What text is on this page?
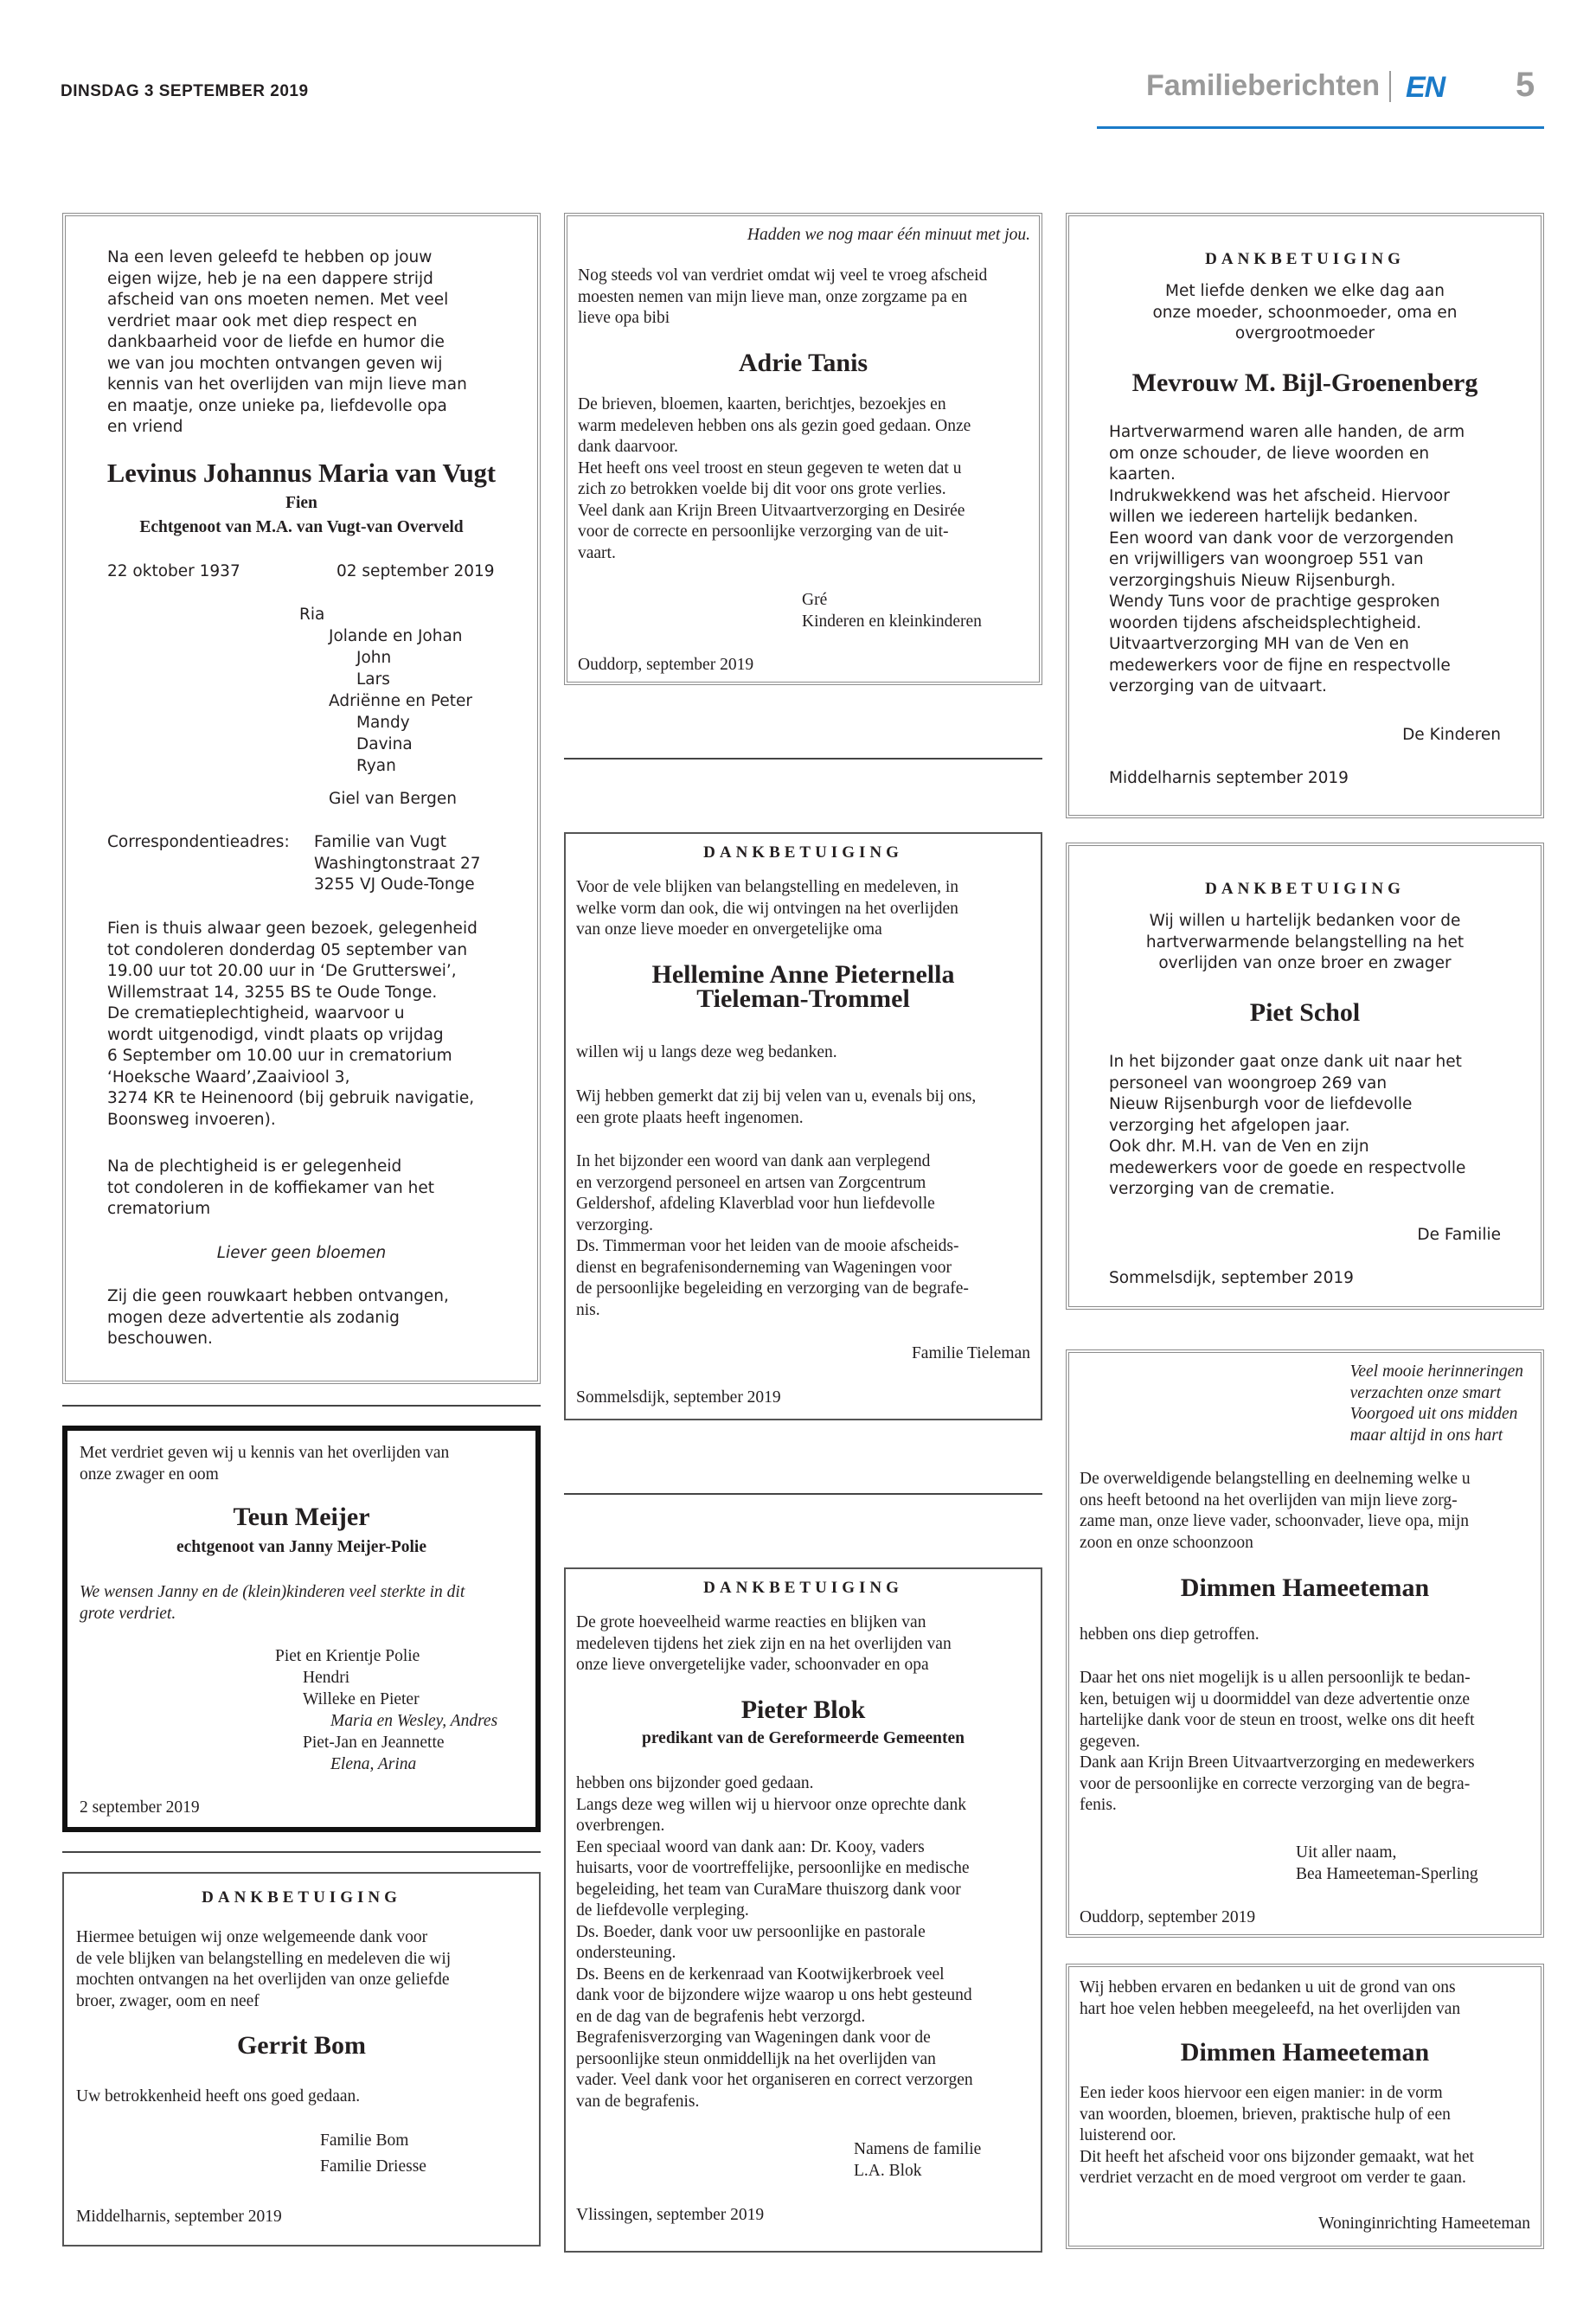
DINSDAG 3 SEPTEMBER 2019	Familieberichten EN 5
Na een leven geleefd te hebben op jouw
eigen wijze, heb je na een dappere strijd
afscheid van ons moeten nemen. Met veel
verdriet maar ook met diep respect en
dankbaarheid voor de liefde en humor die
we van jou mochten ontvangen geven wij
kennis van het overlijden van mijn lieve man
en maatje, onze unieke pa, liefdevolle opa
en vriend
Levinus Johannus Maria van Vugt
Fien
Echtgenoot van M.A. van Vugt-van Overveld
22 oktober 1937	02 september 2019
Ria
Jolande en Johan
John
Lars
Adriënne en Peter
Mandy
Davina
Ryan
Giel van Bergen
Correspondentieadres: Familie van Vugt
Washingtonstraat 27
3255 VJ Oude-Tonge
Fien is thuis alwaar geen bezoek, gelegenheid
tot condoleren donderdag 05 september van
19.00 uur tot 20.00 uur in ‘De Grutterswei’,
Willemstraat 14, 3255 BS te Oude Tonge.
De crematieplechtigheid, waarvoor u
wordt uitgenodigd, vindt plaats op vrijdag
6 September om 10.00 uur in crematorium
‘Hoeksche Waard’,Zaaiviool 3,
3274 KR te Heinenoord (bij gebruik navigatie,
Boonsweg invoeren).
Na de plechtigheid is er gelegenheid
tot condoleren in de koffiekamer van het
crematorium
Liever geen bloemen
Zij die geen rouwkaart hebben ontvangen,
mogen deze advertentie als zodanig
beschouwen.
Met verdriet geven wij u kennis van het overlijden van
onze zwager en oom
Teun Meijer
echtgenoot van Janny Meijer-Polie
We wensen Janny en de (klein)kinderen veel sterkte in dit
grote verdriet.
Piet en Krientje Polie
Hendri
Willeke en Pieter
Maria en Wesley, Andres
Piet-Jan en Jeannette
Elena, Arina
2 september 2019
DANKBETUIGING
Hiermee betuigen wij onze welgemeende dank voor
de vele blijken van belangstelling en medeleven die wij
mochten ontvangen na het overlijden van onze geliefde
broer, zwager, oom en neef
Gerrit Bom
Uw betrokkenheid heeft ons goed gedaan.
Familie Bom
Familie Driesse
Middelharnis, september 2019
Hadden we nog maar één minuut met jou.
Nog steeds vol van verdriet omdat wij veel te vroeg afscheid
moesten nemen van mijn lieve man, onze zorgzame pa en
lieve opa bibi
Adrie Tanis
De brieven, bloemen, kaarten, berichtjes, bezoekjes en
warm medeleven hebben ons als gezin goed gedaan. Onze
dank daarvoor.
Het heeft ons veel troost en steun gegeven te weten dat u
zich zo betrokken voelde bij dit voor ons grote verlies.
Veel dank aan Krijn Breen Uitvaartverzorging en Desirée
voor de correcte en persoonlijke verzorging van de uit-
vaart.
Gré
Kinderen en kleinkinderen
Ouddorp, september 2019
DANKBETUIGING
Voor de vele blijken van belangstelling en medeleven, in
welke vorm dan ook, die wij ontvingen na het overlijden
van onze lieve moeder en onvergetelijke oma
Hellemine Anne Pieternella
Tieleman-Trommel
willen wij u langs deze weg bedanken.
Wij hebben gemerkt dat zij bij velen van u, evenals bij ons,
een grote plaats heeft ingenomen.
In het bijzonder een woord van dank aan verplegend
en verzorgend personeel en artsen van Zorgcentrum
Geldershof, afdeling Klaverblad voor hun liefdevolle
verzorging.
Ds. Timmerman voor het leiden van de mooie afscheids-
dienst en begrafenisonderneming van Wageningen voor
de persoonlijke begeleiding en verzorging van de begrafe-
nis.
Familie Tieleman
Sommelsdijk, september 2019
DANKBETUIGING
De grote hoeveelheid warme reacties en blijken van
medeleven tijdens het ziek zijn en na het overlijden van
onze lieve onvergetelijke vader, schoonvader en opa
Pieter Blok
predikant van de Gereformeerde Gemeenten
hebben ons bijzonder goed gedaan.
Langs deze weg willen wij u hiervoor onze oprechte dank
overbrengen.
Een speciaal woord van dank aan: Dr. Kooy, vaders
huisarts, voor de voortreffelijke, persoonlijke en medische
begeleiding, het team van CuraMare thuiszorg dank voor
de liefdevolle verpleging.
Ds. Boeder, dank voor uw persoonlijke en pastorale
ondersteuning.
Ds. Beens en de kerkenraad van Kootwijkerbroek veel
dank voor de bijzondere wijze waarop u ons hebt gesteund
en de dag van de begrafenis hebt verzorgd.
Begrafenisverzorging van Wageningen dank voor de
persoonlijke steun onmiddellijk na het overlijden van
vader. Veel dank voor het organiseren en correct verzorgen
van de begrafenis.
Namens de familie
L.A. Blok
Vlissingen, september 2019
DANKBETUIGING
Met liefde denken we elke dag aan
onze moeder, schoonmoeder, oma en
overgrootmoeder
Mevrouw M. Bijl-Groenenberg
Hartverwarmend waren alle handen, de arm
om onze schouder, de lieve woorden en
kaarten.
Indrukwekkend was het afscheid. Hiervoor
willen we iedereen hartelijk bedanken.
Een woord van dank voor de verzorgenden
en vrijwilligers van woongroep 551 van
verzorgingshuis Nieuw Rijsenburgh.
Wendy Tuns voor de prachtige gesproken
woorden tijdens afscheidsplechtigheid.
Uitvaartverzorging MH van de Ven en
medewerkers voor de fijne en respectvolle
verzorging van de uitvaart.
De Kinderen
Middelharnis september 2019
DANKBETUIGING
Wij willen u hartelijk bedanken voor de
hartverwarmende belangstelling na het
overlijden van onze broer en zwager
Piet Schol
In het bijzonder gaat onze dank uit naar het
personeel van woongroep 269 van
Nieuw Rijsenburgh voor de liefdevolle
verzorging het afgelopen jaar.
Ook dhr. M.H. van de Ven en zijn
medewerkers voor de goede en respectvolle
verzorging van de crematie.
De Familie
Sommelsdijk, september 2019
Veel mooie herinneringen
verzachten onze smart
Voorgoed uit ons midden
maar altijd in ons hart
De overweldigende belangstelling en deelneming welke u
ons heeft betoond na het overlijden van mijn lieve zorg-
zame man, onze lieve vader, schoonvader, lieve opa, mijn
zoon en onze schoonzoon
Dimmen Hameeteman
hebben ons diep getroffen.
Daar het ons niet mogelijk is u allen persoonlijk te bedan-
ken, betuigen wij u doormiddel van deze advertentie onze
hartelijke dank voor de steun en troost, welke ons dit heeft
gegeven.
Dank aan Krijn Breen Uitvaartverzorging en medewerkers
voor de persoonlijke en correcte verzorging van de begra-
fenis.
Uit aller naam,
Bea Hameeteman-Sperling
Ouddorp, september 2019
Wij hebben ervaren en bedanken u uit de grond van ons
hart hoe velen hebben meegeleefd, na het overlijden van
Dimmen Hameeteman
Een ieder koos hiervoor een eigen manier: in de vorm
van woorden, bloemen, brieven, praktische hulp of een
luisterend oor.
Dit heeft het afscheid voor ons bijzonder gemaakt, wat het
verdriet verzacht en de moed vergroot om verder te gaan.
Woninginrichting Hameeteman
